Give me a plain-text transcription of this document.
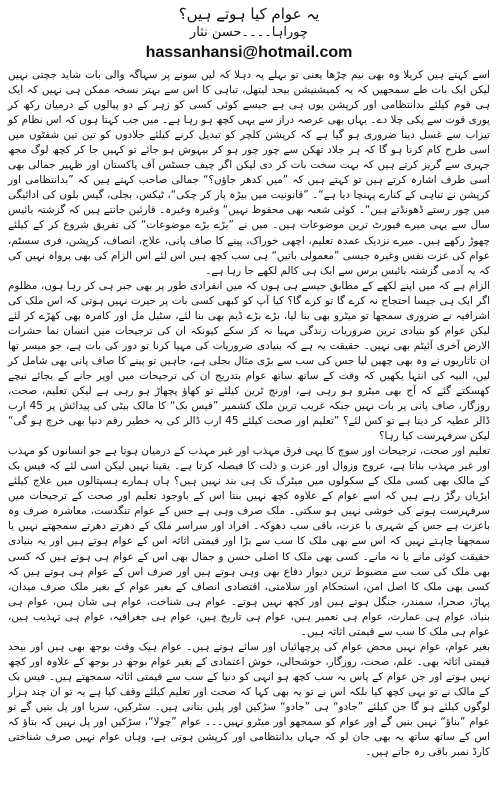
یہ عوام کیا ہوتے ہیں؟
چوراہا۔۔۔۔حسن نثار
hassanhansi@hotmail.com

اسے کہتے ہیں کریلا وہ بھی نیم چڑھا یعنی تو بہلے پہ دہلا کہ لیں سونے پر سہاگہ والی بات شاید جچتی نہیں لیکن ایک بات طے سمجھیں کہ یہ کمیشنیشن بیحد لیتھل، تباہی کا اس سے بہتر نسخہ ممکن ہی نہیں کہ ایک ہی قوم کیلئے بدانتظامی اور کرپشن یوں ہی ہے جیسے کوئی کسی کو زہر کے دو پیالوں کے درمیان رکھ کر پوری قوت سے پکی چلا دے۔ یہاں بھی عرصہ دراز سے یہی کچھ ہو رہا ہے۔ میں جب کہتا ہوں کہ اس نظام کو تیزاب سے غسل دینا ضروری ہو گیا ہے کہ کرپشن کلچر کو تبدیل کرنے کیلئے جلادوں کو تین تین شفٹوں میں اسی طرح کام کرنا ہو گا کہ ہر جلاد تھکن سے چور چور ہو کر بیہوش ہو جائے تو کہیں جا کر کچھ لوگ مجھ جہری سے گریز کرتے ہیں کہ بہت سخت بات کر دی لیکن اگر چیف جسٹس آف پاکستان اور ظہیر جمالی بھی اسی طرف اشارہ کرتے ہیں تو کہتے ہیں کہ ”میں کدھر جاؤں؟“ جمالی صاحب کہتے ہیں کہ ”بدانتظامی اور کرپشن نے تباہی کے کنارے پہنچا دیا ہے“۔ ”قانونیت میں بیڑہ پار کر چکی“، ٹیکس، بجلی، گیس بلوں کی ادائیگی میں چور رستے ڈھونڈتے ہیں“۔ کوئی شعبہ بھی محفوظ نہیں“ وغیرہ وغیرہ۔ قارئین جانتے ہیں کہ گزشتہ بائیس سال سے یہی میرے فیورٹ ترین موضوعات ہیں۔ میں نے ”بڑے بڑے موضوعات“ کی تفریق شروع کر کے کیلئے چھوڑ رکھے ہیں۔ میرے نزدیک عمدہ تعلیم، اچھی خوراک، پینے کا صاف پانی، علاج، انصاف، کرپشن، فری سسٹم، عوام کی عزت نفس وغیرہ جیسی ”معمولی باتیں“ ہی سب کچھ ہیں اس لئے اس الزام کی بھی پرواہ نہیں کی کہ یہ آدمی گزشتہ بائیس برس سے ایک ہی کالم لکھے جا رہا ہے۔

الزام ہے کہ میں اپنے لکھے کے مطابق جیسے ہی ہوں کہ میں انفرادی طور پر بھی جبر ہی کر رہا ہوں، مظلوم اگر ایک ہی جیسا احتجاج نہ کرے گا تو کرے گا؟ کیا آپ کو کبھی کسی بات پر حیرت نہیں ہوتی کہ اس ملک کی اشرافیہ نے ضروری سمجھا تو میٹرو بھی بنا لیا، بڑے بڑے ڈیم بھی بنا لئے، سٹیل مل اور کامرہ بھی کھڑے کر لئے لیکن عوام کو بنیادی ترین ضروریات زندگی مہیا نہ کر سکے کیونکہ ان کی ترجیحات میں انسان نما حشرات الارض آخری آئیٹم بھی نہیں۔ حقیقت یہ ہے کہ بنیادی ضروریات کی مہیا کرنا تو دور کی بات ہے، جو میسر تھا ان تاتاریوں نے وہ بھی چھین لیا جس کی سب سے بڑی مثال بجلی ہے، جاہیں تو پینے کا صاف پانی بھی شامل کر لیں، البیہ کی انتہا یکھیں کہ وقت کے ساتھ ساتھ عوام بتدریج ان کی ترجیحات میں اوپر جانے کے بجائے نیچے کھسکتے گئے کہ آج بھی میٹرو ہو رہی ہے، اورنج ٹرین کیلئے تو کھاؤ پچھاڑ ہو رہی ہے لیکن تعلیم، صحت، روزگار، صاف پانی پر بات نہیں جبکہ غریب ترین ملک کشمیر ”فیس بک“ کا مالک بیٹی کی پیدائش پر 45 ارب ڈالر عطیہ کر دیتا ہے تو کس لئے؟ ”تعلیم اور صحت کیلئے 45 ارب ڈالر کی یہ خطیر رقم دنیا بھی خرچ ہو گی“ لیکن سرفہرست کیا رہا؟

تعلیم اور صحت، ترجیحات اور سوچ کا یہی فرق مہذب اور غیر مہذب کے درمیان ہوتا ہے جو انسانوں کو مہذب اور غیر مہذب بناتا ہے، عروج وزوال اور عزت و ذلت کا فیصلہ کرتا ہے۔ یقینا نہیں لیکن اسی لئے کہ فیس بک کے مالک بھی کسی ملک کے سکولوں میں میٹرک تک ہی بند نہیں ہیں؟ ہاں ہمارے ہسپتالوں میں علاج کیلئے ایڑیاں رگڑ رہے ہیں کہ اسے عوام کے علاوہ کچھ نہیں بنتا اس کے باوجود تعلیم اور صحت کے ترجیحات میں سرفہرست ہونے کی خوشی نہیں ہو سکتی۔ ملک صرف وہی ہے جس کے عوام تنگدست، معاشرہ صرف وہ باعزت ہے جس کے شہری با عزت، باقی سب دھوکہ۔ افراد اور سراسر ملک کے دھرتے دھرتے سمجھتے نہیں یا سمجھنا چاہتے نہیں کہ اس سے بھی ملک کا سب سے بڑا اور قیمتی اثاثہ اس کے عوام ہوتے ہیں اور یہ بنیادی حقیقت کوئی مانے یا نہ مانے۔ کسی بھی ملک کا اصلی حسن و جمال بھی اس کے عوام ہی ہوتے ہیں کہ کسی بھی ملک کی سب سے مضبوط ترین دیوار دفاع بھی وہی ہوتے ہیں اور صرف اس کے عوام ہی ہوتے ہیں کہ کسی بھی ملک کا اصل امن، استحکام اور سلامتی، اقتصادی انصاف کے بغیر عوام کے بغیر ملک صرف میدان، پہاڑ، صحرا، سمندر، جنگل ہوتے ہیں اور کچھ نہیں ہوتے۔ عوام ہی شناخت، عوام ہی شان ہیں، عوام ہی بنیاد، عوام ہی عمارت، عوام ہی تعمیر ہیں، عوام ہی تاریخ ہیں، عوام ہی جغرافیہ، عوام ہی تہذیب ہیں، عوام ہی ملک کا سب سے قیمتی اثاثہ ہیں۔

بغیر عوام، عوام نہیں محض عوام کی پرچھائیاں اور سائے ہوتے ہیں۔ عوام ہیک وقت بوجھ بھی ہیں اور بیحد قیمتی اثاثہ بھی۔ علم، صحت، روزگار، خوشحالی، خوش اعتمادی کے بغیر عوام بوجھ در بوجھ کے علاوہ اور کچھ نہیں ہوتے اور جن عوام کے پاس یہ سب کچھ ہو انہی کو دنیا کے سب سے قیمتی اثاثہ سمجھتے ہیں۔ فیس بک کے مالک نے تو یہی کچھ کیا بلکہ اس نے تو یہ بھی کہا کہ صحت اور تعلیم کیلئے وقف کیا ہے یہ تو ان چند ہزار لوگوں کیلئے ہو گا جن کیلئے ”جادو“ ہی ”جادو“ سڑکیں اور پلیں بنانی ہیں۔ سٹرکیں، سریا اور پل بنیں گے تو عوام ”بناؤ“ نہیں بنیں گے اور عوام کو سمجھو اور میٹرو نہیں۔۔۔ عوام ”چولا“، سڑکیں اور پل نہیں کہ بتاؤ کہ اس کے ساتھ ساتھ یہ بھی جان لو کہ جہاں بدانتظامی اور کرپشن ہوتی ہے، وہاں عوام نہیں صرف شناختی کارڈ نمبر باقی رہ جاتے ہیں۔
